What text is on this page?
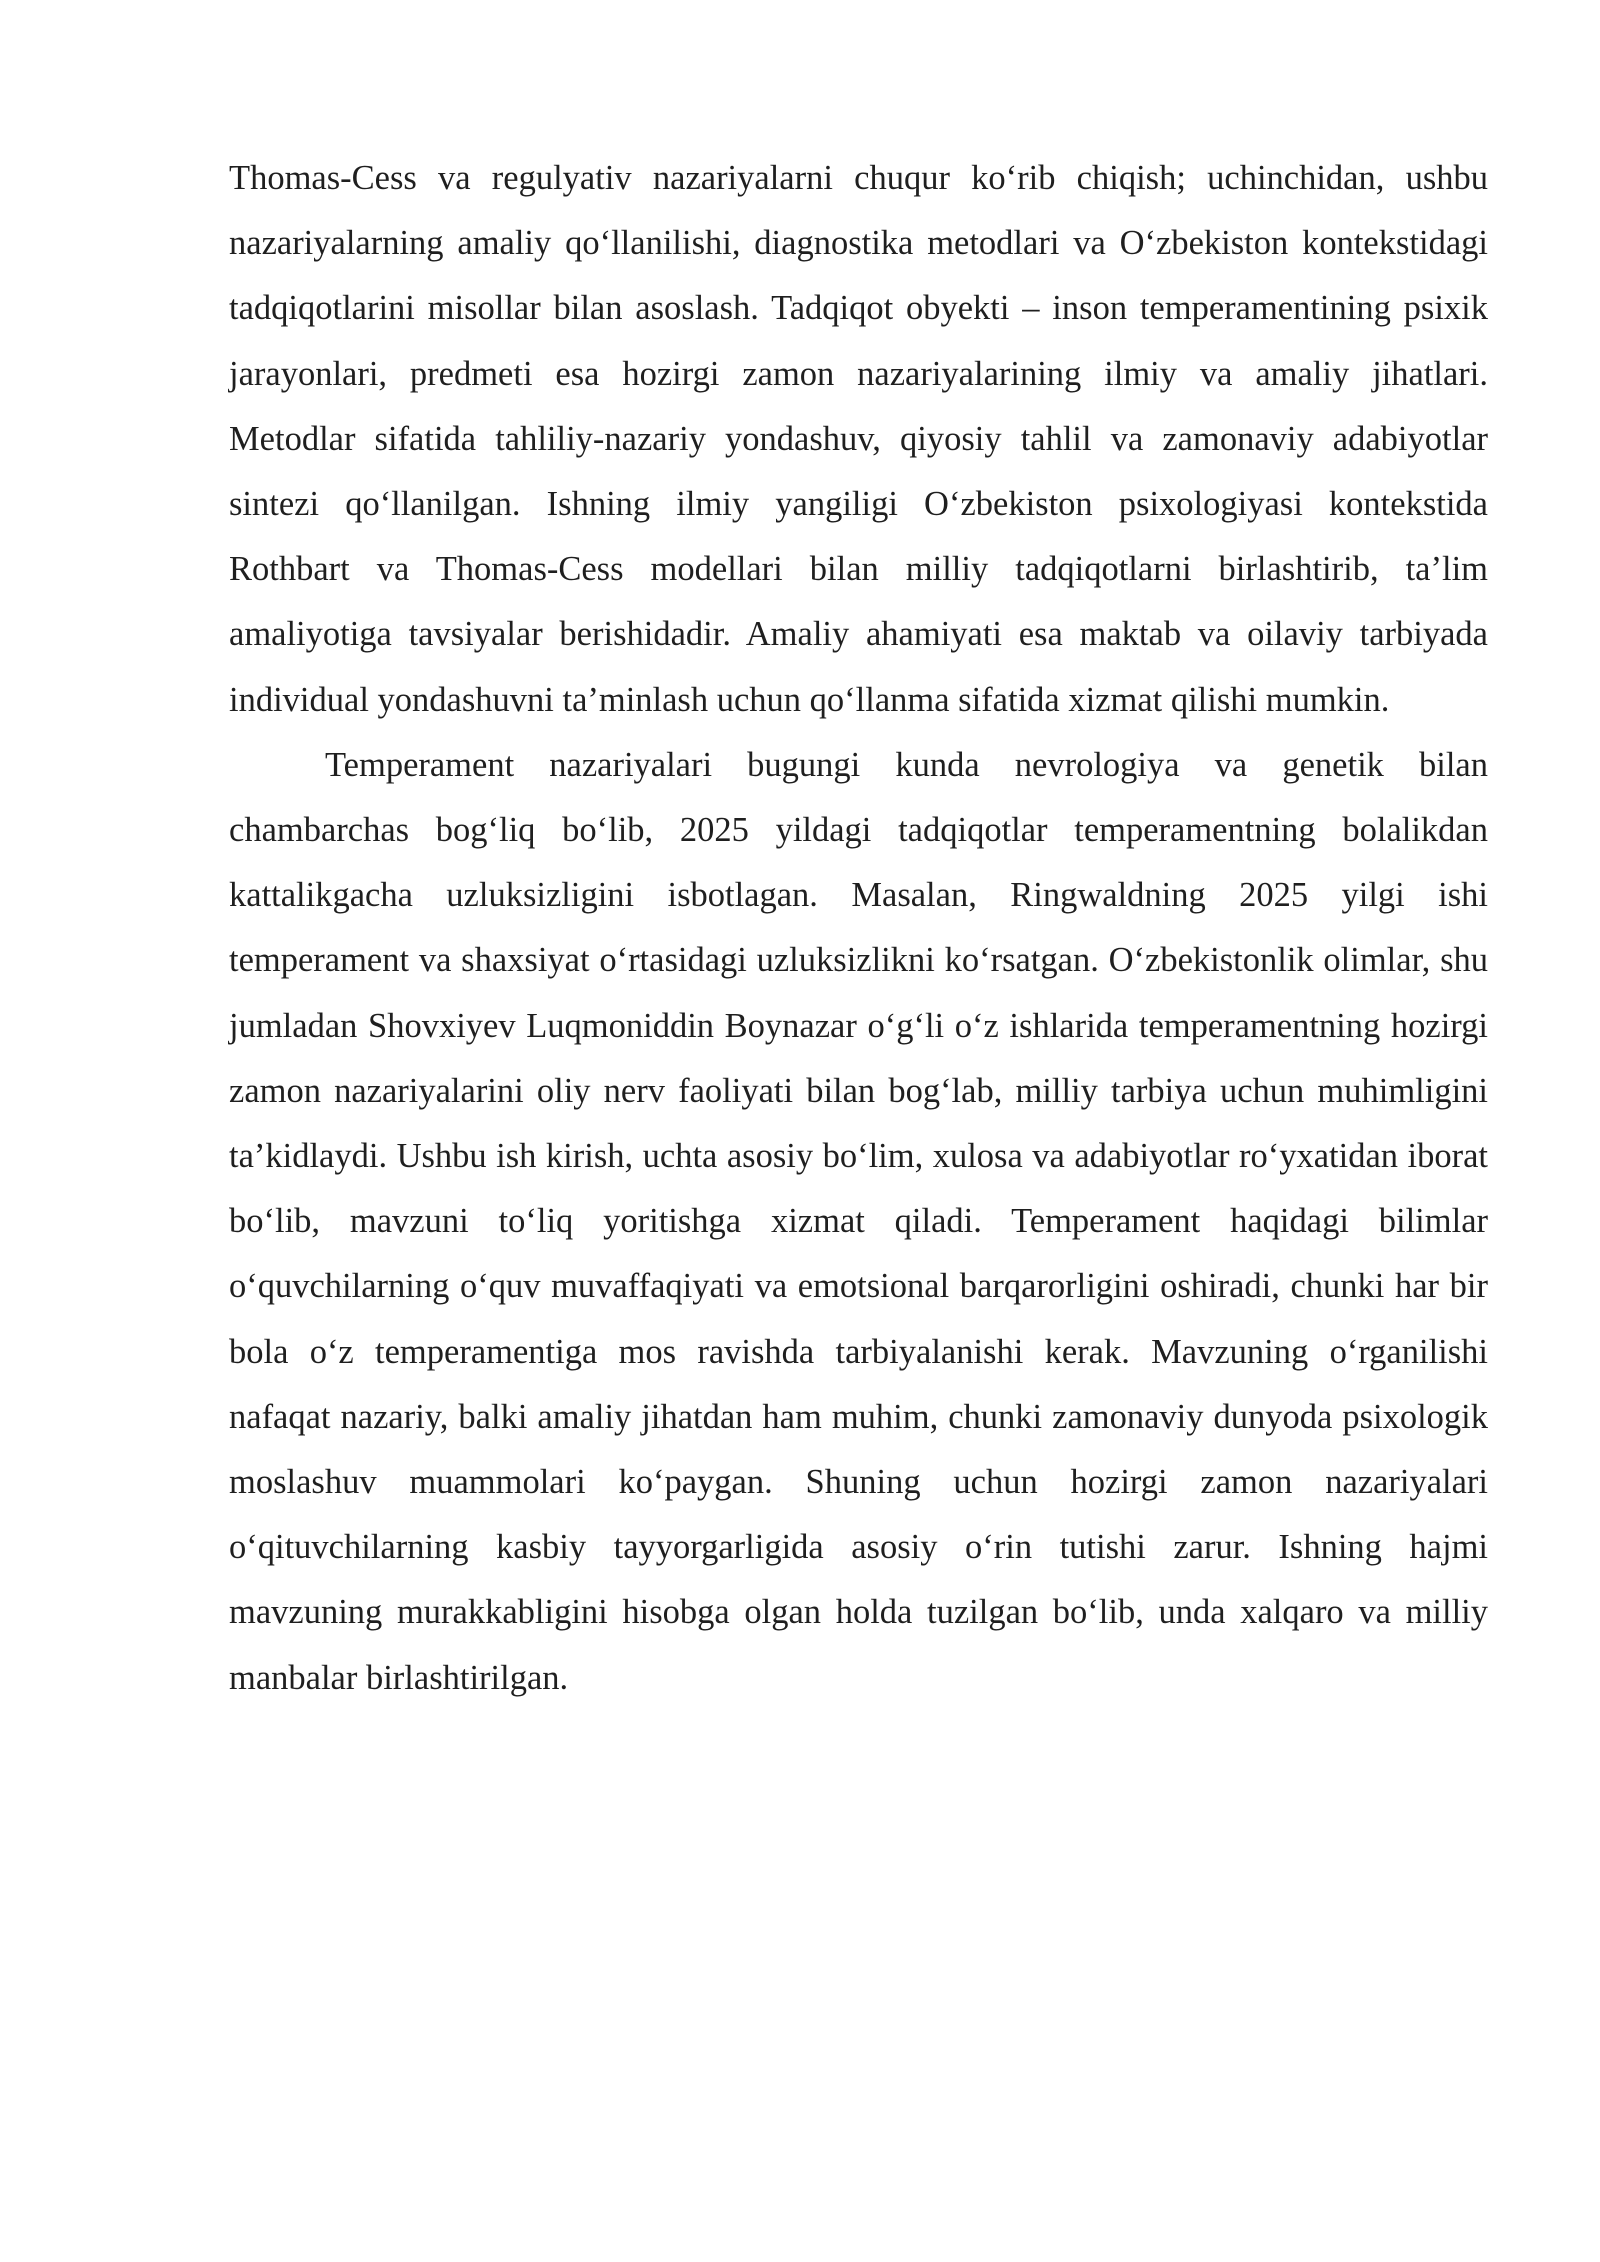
Thomas-Cess va regulyativ nazariyalarni chuqur ko‘rib chiqish; uchinchidan, ushbu nazariyalarning amaliy qo‘llanilishi, diagnostika metodlari va O‘zbekiston kontekstidagi tadqiqotlarini misollar bilan asoslash. Tadqiqot obyekti – inson temperamentining psixik jarayonlari, predmeti esa hozirgi zamon nazariyalarining ilmiy va amaliy jihatlari. Metodlar sifatida tahliliy-nazariy yondashuv, qiyosiy tahlil va zamonaviy adabiyotlar sintezi qo‘llanilgan. Ishning ilmiy yangiligi O‘zbekiston psixologiyasi kontekstida Rothbart va Thomas-Cess modellari bilan milliy tadqiqotlarni birlashtirib, ta’lim amaliyotiga tavsiyalar berishidadir. Amaliy ahamiyati esa maktab va oilaviy tarbiyada individual yondashuvni ta’minlash uchun qo‘llanma sifatida xizmat qilishi mumkin.

Temperament nazariyalari bugungi kunda nevrologiya va genetik bilan chambarchas bog‘liq bo‘lib, 2025 yildagi tadqiqotlar temperamentning bolalikdan kattalikgacha uzluksizligini isbotlagan. Masalan, Ringwaldning 2025 yilgi ishi temperament va shaxsiyat o‘rtasidagi uzluksizlikni ko‘rsatgan. O‘zbekistonlik olimlar, shu jumladan Shovxiyev Luqmoniddin Boynazar o‘g‘li o‘z ishlarida temperamentning hozirgi zamon nazariyalarini oliy nerv faoliyati bilan bog‘lab, milliy tarbiya uchun muhimligini ta’kidlaydi. Ushbu ish kirish, uchta asosiy bo‘lim, xulosa va adabiyotlar ro‘yxatidan iborat bo‘lib, mavzuni to‘liq yoritishga xizmat qiladi. Temperament haqidagi bilimlar o‘quvchilarning o‘quv muvaffaqiyati va emotsional barqarorligini oshiradi, chunki har bir bola o‘z temperamentiga mos ravishda tarbiyalanishi kerak. Mavzuning o‘rganilishi nafaqat nazariy, balki amaliy jihatdan ham muhim, chunki zamonaviy dunyoda psixologik moslashuv muammolari ko‘paygan. Shuning uchun hozirgi zamon nazariyalari o‘qituvchilarning kasbiy tayyorgarligida asosiy o‘rin tutishi zarur. Ishning hajmi mavzuning murakkabligini hisobga olgan holda tuzilgan bo‘lib, unda xalqaro va milliy manbalar birlashtirilgan.
